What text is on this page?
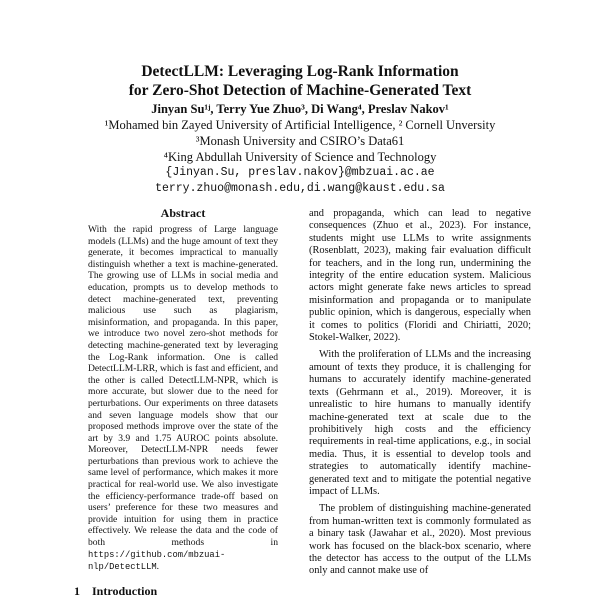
DetectLLM: Leveraging Log-Rank Information
for Zero-Shot Detection of Machine-Generated Text
Jinyan Su¹ʲ, Terry Yue Zhuo³, Di Wang⁴, Preslav Nakov¹
¹Mohamed bin Zayed University of Artificial Intelligence, ² Cornell Unversity
³Monash University and CSIRO’s Data61
⁴King Abdullah University of Science and Technology
{Jinyan.Su, preslav.nakov}@mbzuai.ac.ae
terry.zhuo@monash.edu,di.wang@kaust.edu.sa
Abstract
With the rapid progress of Large language models (LLMs) and the huge amount of text they generate, it becomes impractical to manually distinguish whether a text is machine-generated. The growing use of LLMs in social media and education, prompts us to develop methods to detect machine-generated text, preventing malicious use such as plagiarism, misinformation, and propaganda. In this paper, we introduce two novel zero-shot methods for detecting machine-generated text by leveraging the Log-Rank information. One is called DetectLLM-LRR, which is fast and efficient, and the other is called DetectLLM-NPR, which is more accurate, but slower due to the need for perturbations. Our experiments on three datasets and seven language models show that our proposed methods improve over the state of the art by 3.9 and 1.75 AUROC points absolute. Moreover, DetectLLM-NPR needs fewer perturbations than previous work to achieve the same level of performance, which makes it more practical for real-world use. We also investigate the efficiency-performance trade-off based on users’ preference for these two measures and provide intuition for using them in practice effectively. We release the data and the code of both methods in https://github.com/mbzuai-nlp/DetectLLM.

and propaganda, which can lead to negative consequences (Zhuo et al., 2023). For instance, students might use LLMs to write assignments (Rosenblatt, 2023), making fair evaluation difficult for teachers, and in the long run, undermining the integrity of the entire education system. Malicious actors might generate fake news articles to spread misinformation and propaganda or to manipulate public opinion, which is dangerous, especially when it comes to politics (Floridi and Chiriatti, 2020; Stokel-Walker, 2022).

With the proliferation of LLMs and the increasing amount of texts they produce, it is challenging for humans to accurately identify machine-generated texts (Gehrmann et al., 2019). Moreover, it is unrealistic to hire humans to manually identify machine-generated text at scale due to the prohibitively high costs and the efficiency requirements in real-time applications, e.g., in social media. Thus, it is essential to develop tools and strategies to automatically identify machine-generated text and to mitigate the potential negative impact of LLMs.

The problem of distinguishing machine-generated from human-written text is commonly formulated as a binary task (Jawahar et al., 2020). Most previous work has focused on the black-box scenario, where the detector has access to the output of the LLMs only and cannot make use of

1 Introduction
